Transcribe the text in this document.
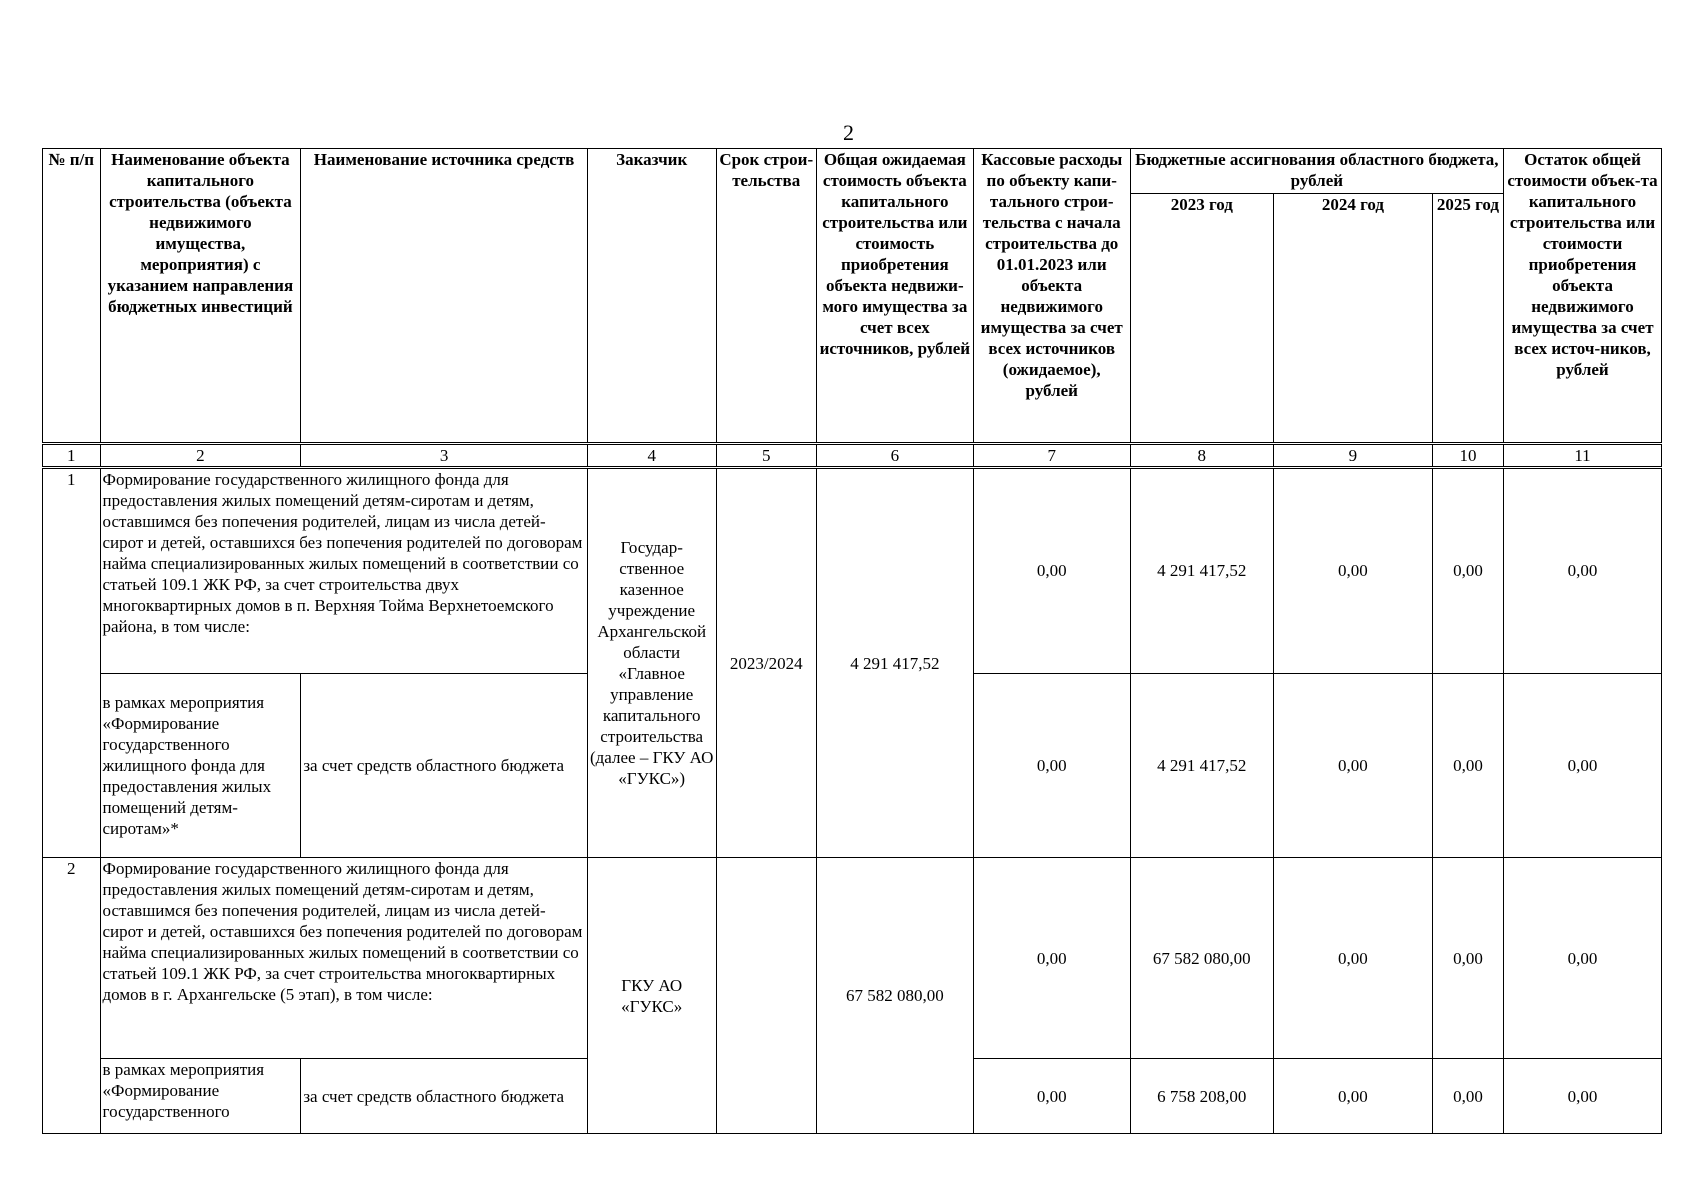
2
№ п/п	Наименование объекта капитального строительства (объекта недвижимого имущества, мероприятия) с указанием направления бюджетных инвестиций	Наименование источника средств	Заказчик	Срок строи-тельства	Общая ожидаемая стоимость объекта капитального строительства или стоимость приобретения объекта недвижи-мого имущества за счет всех источников, рублей	Кассовые расходы по объекту капи-тального строи-тельства с начала строительства до 01.01.2023 или объекта недвижимого имущества за счет всех источников (ожидаемое), рублей	Бюджетные ассигнования областного бюджета, рублей			Остаток общей стоимости объек-та капитального строительства или стоимости приобретения объекта недвижимого имущества за счет всех источ-ников, рублей
							2023 год	2024 год	2025 год	
1	2	3	4	5	6	7	8	9	10	11
1	Формирование государственного жилищного фонда для предоставления жилых помещений детям-сиротам и детям, оставшимся без попечения родителей, лицам из числа детей-сирот и детей, оставшихся без попечения родителей по договорам найма специализированных жилых помещений в соответствии со статьей 109.1 ЖК РФ, за счет строительства двух многоквартирных домов в п. Верхняя Тойма Верхнетоемского района, в том числе:		Государ-ственное казенное учреждение Архангельской области «Главное управление капитального строительства (далее – ГКУ АО «ГУКС»)	2023/2024	4 291 417,52	0,00	4 291 417,52	0,00	0,00	0,00
	в рамках мероприятия «Формирование государственного жилищного фонда для предоставления жилых помещений детям-сиротам»*	за счет средств областного бюджета				0,00	4 291 417,52	0,00	0,00	0,00
2	Формирование государственного жилищного фонда для предоставления жилых помещений детям-сиротам и детям, оставшимся без попечения родителей, лицам из числа детей-сирот и детей, оставшихся без попечения родителей по договорам найма специализированных жилых помещений в соответствии со статьей 109.1 ЖК РФ, за счет строительства многоквартирных домов в г. Архангельске (5 этап), в том числе:		ГКУ АО «ГУКС»		67 582 080,00	0,00	67 582 080,00	0,00	0,00	0,00
	в рамках мероприятия «Формирование государственного	за счет средств областного бюджета				0,00	6 758 208,00	0,00	0,00	0,00
